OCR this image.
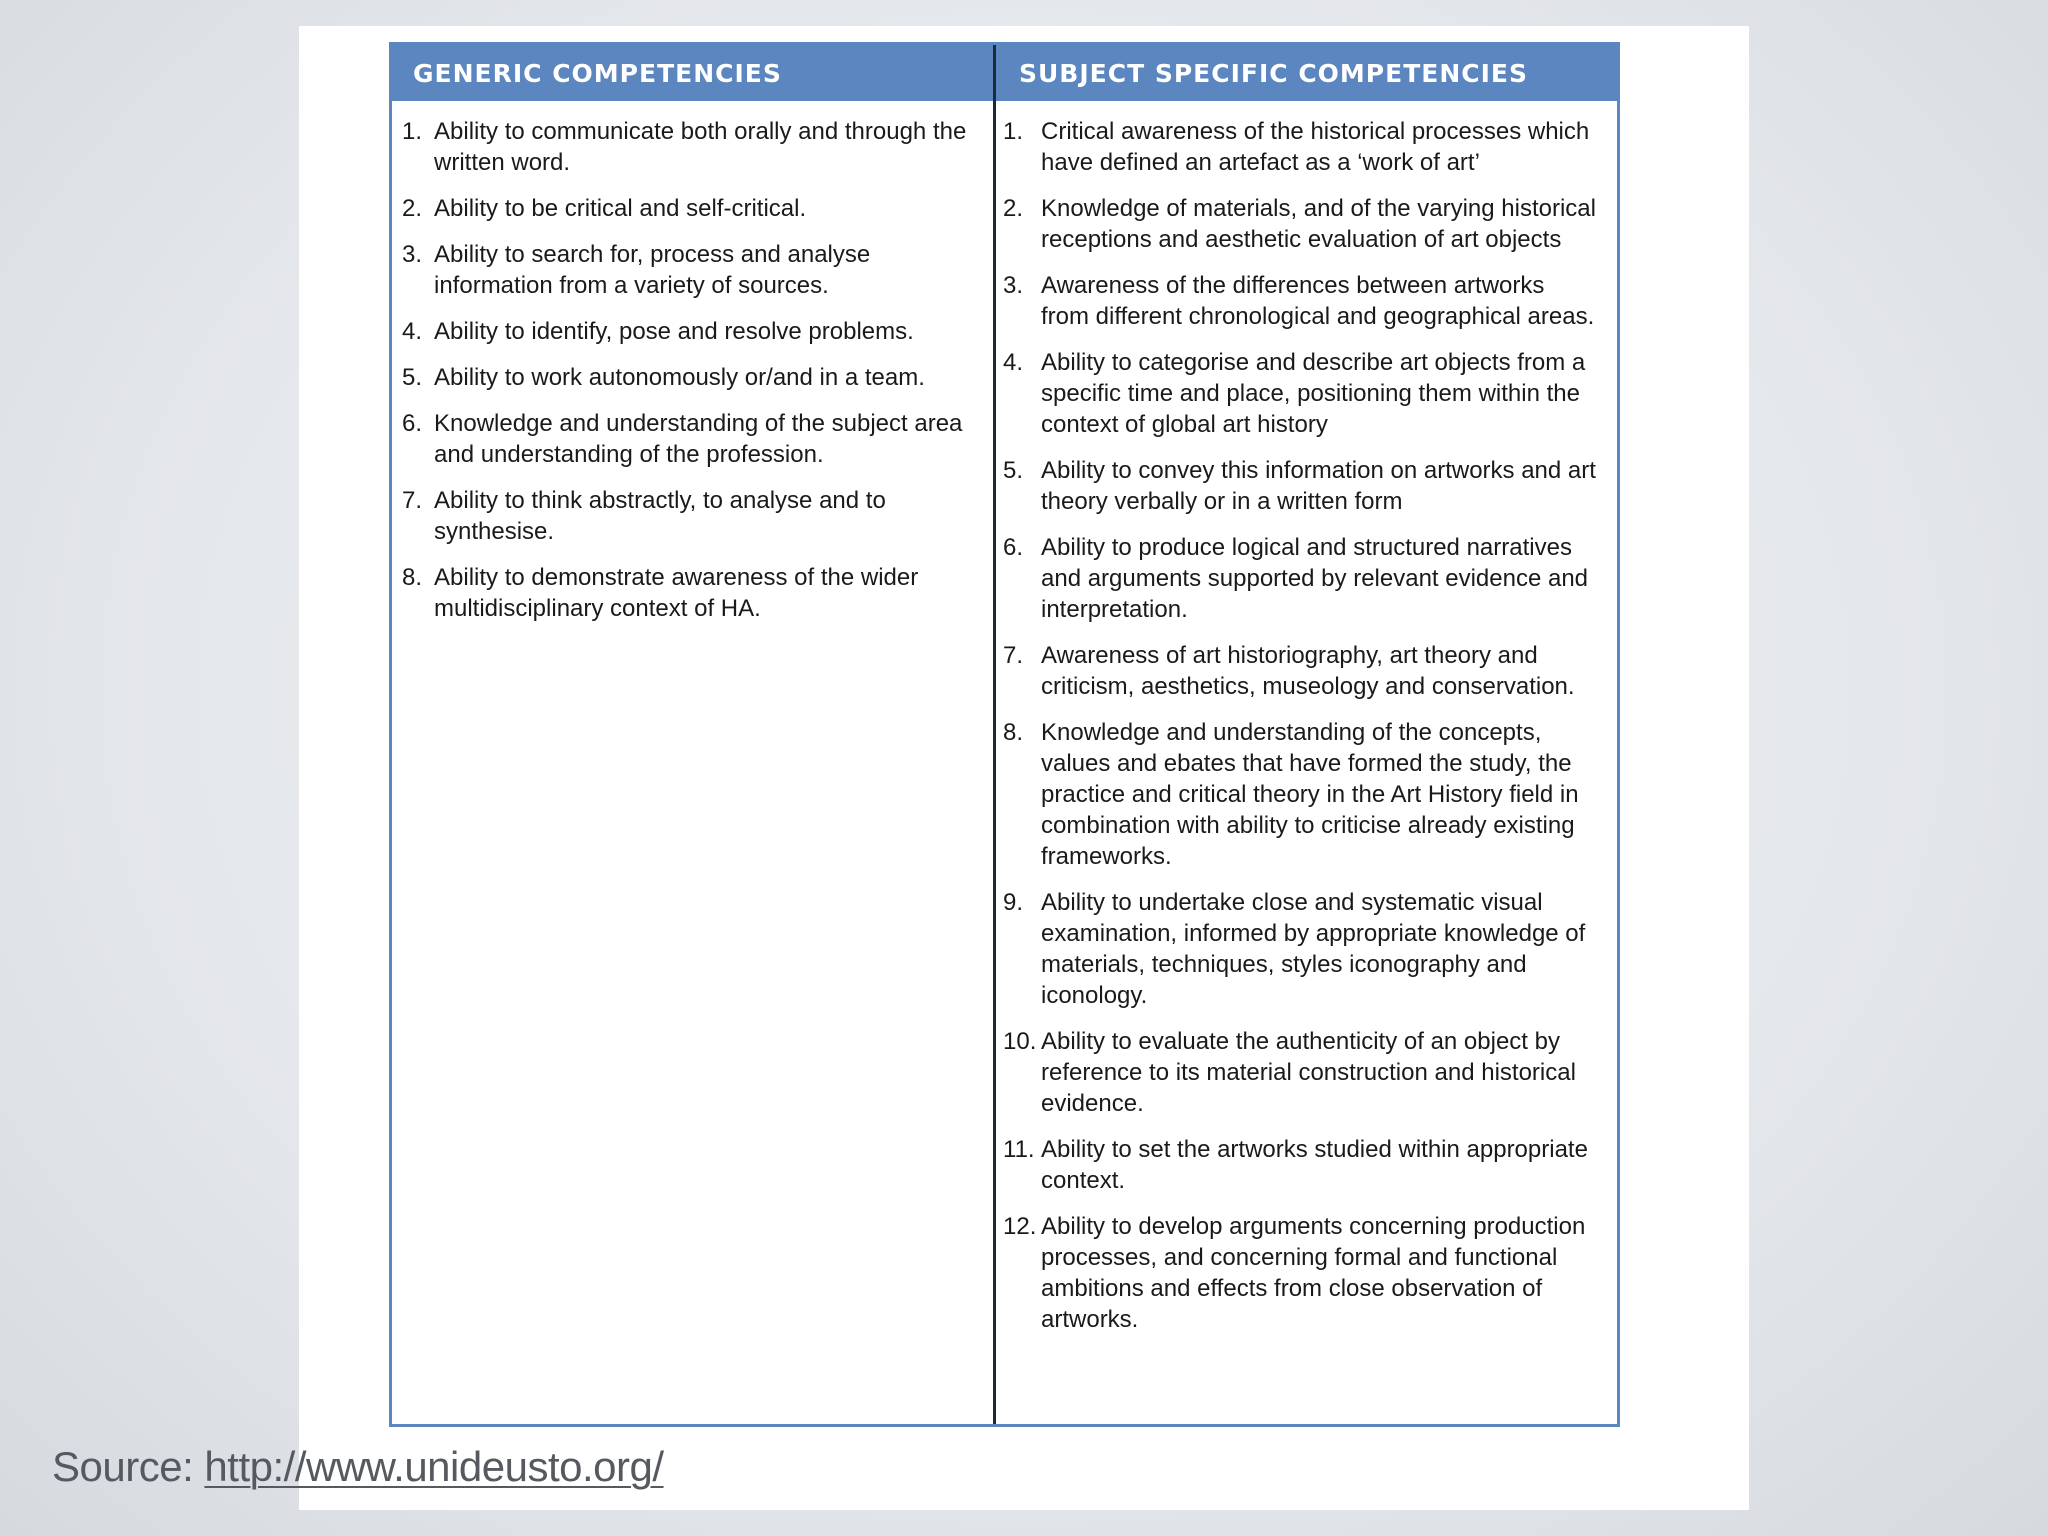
GENERIC COMPETENCIES
1. Ability to communicate both orally and through the written word.
2. Ability to be critical and self-critical.
3. Ability to search for, process and analyse information from a variety of sources.
4. Ability to identify, pose and resolve problems.
5. Ability to work autonomously or/and in a team.
6. Knowledge and understanding of the subject area and understanding of the profession.
7. Ability to think abstractly, to analyse and to synthesise.
8. Ability to demonstrate awareness of the wider multidisciplinary context of HA.
SUBJECT SPECIFIC COMPETENCIES
1. Critical awareness of the historical processes which have defined an artefact as a ‘work of art’
2. Knowledge of materials, and of the varying historical receptions and aesthetic evaluation of art objects
3. Awareness of the differences between artworks from different chronological and geographical areas.
4. Ability to categorise and describe art objects from a specific time and place, positioning them within the context of global art history
5. Ability to convey this information on artworks and art theory verbally or in a written form
6. Ability to produce logical and structured narratives and arguments supported by relevant evidence and interpretation.
7. Awareness of art historiography, art theory and criticism, aesthetics, museology and conservation.
8. Knowledge and understanding of the concepts, values and ebates that have formed the study, the practice and critical theory in the Art History field in combination with ability to criticise already existing frameworks.
9. Ability to undertake close and systematic visual examination, informed by appropriate knowledge of materials, techniques, styles iconography and iconology.
10. Ability to evaluate the authenticity of an object by reference to its material construction and historical evidence.
11. Ability to set the artworks studied within appropriate context.
12. Ability to develop arguments concerning production processes, and concerning formal and functional ambitions and effects from close observation of artworks.
Source: http://www.unideusto.org/
